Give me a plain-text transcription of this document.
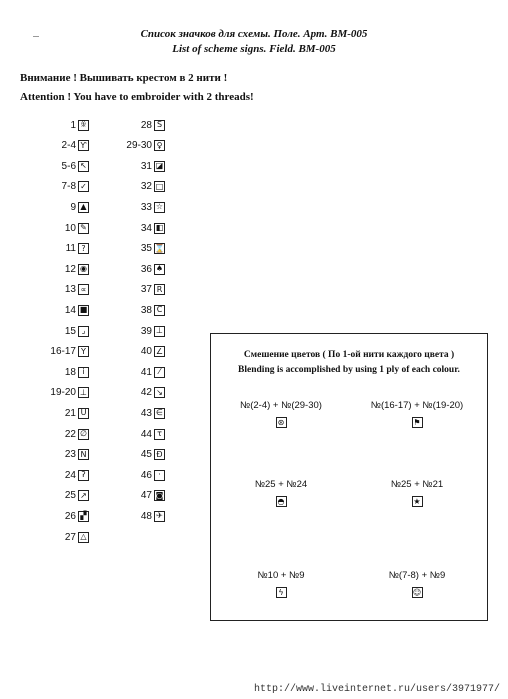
Список значков для схемы. Поле. Арт. BM-005
List of scheme signs. Field. BM-005
Внимание ! Вышивать крестом в 2 нити !
Attention ! You have to embroider with 2 threads!
1 ꆜ
2-4 Ƴ
5-6 ↖
7-8 ✓
9 ▲
10 ✎
11 ?
12 ◉
13 ∝
14 ■
15 ⌟
16-17 Y
18 i
19-20 ⊥
21 U
22 ∅
23 N
24 ʔ
25 ↗
26 ▞
27 △
28 S
29-30 ♀
31 ◪
32 □
33 ☆
34 ◧
35 ⌛
36 ♠
37 R
38 C
39 ⊥
40 ∠
41 ⁄
42 ↘
43 ∈
44 τ
45 Ð
46 ·
47 ◙
48 ✈
Смешение цветов ( По 1-ой нити каждого цвета )
Blending is accomplished by using 1 ply of each colour.
№(2-4) + №(29-30)
⊛
№(16-17) + №(19-20)
⚑
№25 + №24
◓
№25 + №21
★
№10 + №9
ϟ
№(7-8) + №9
☺
http://www.liveinternet.ru/users/3971977/
